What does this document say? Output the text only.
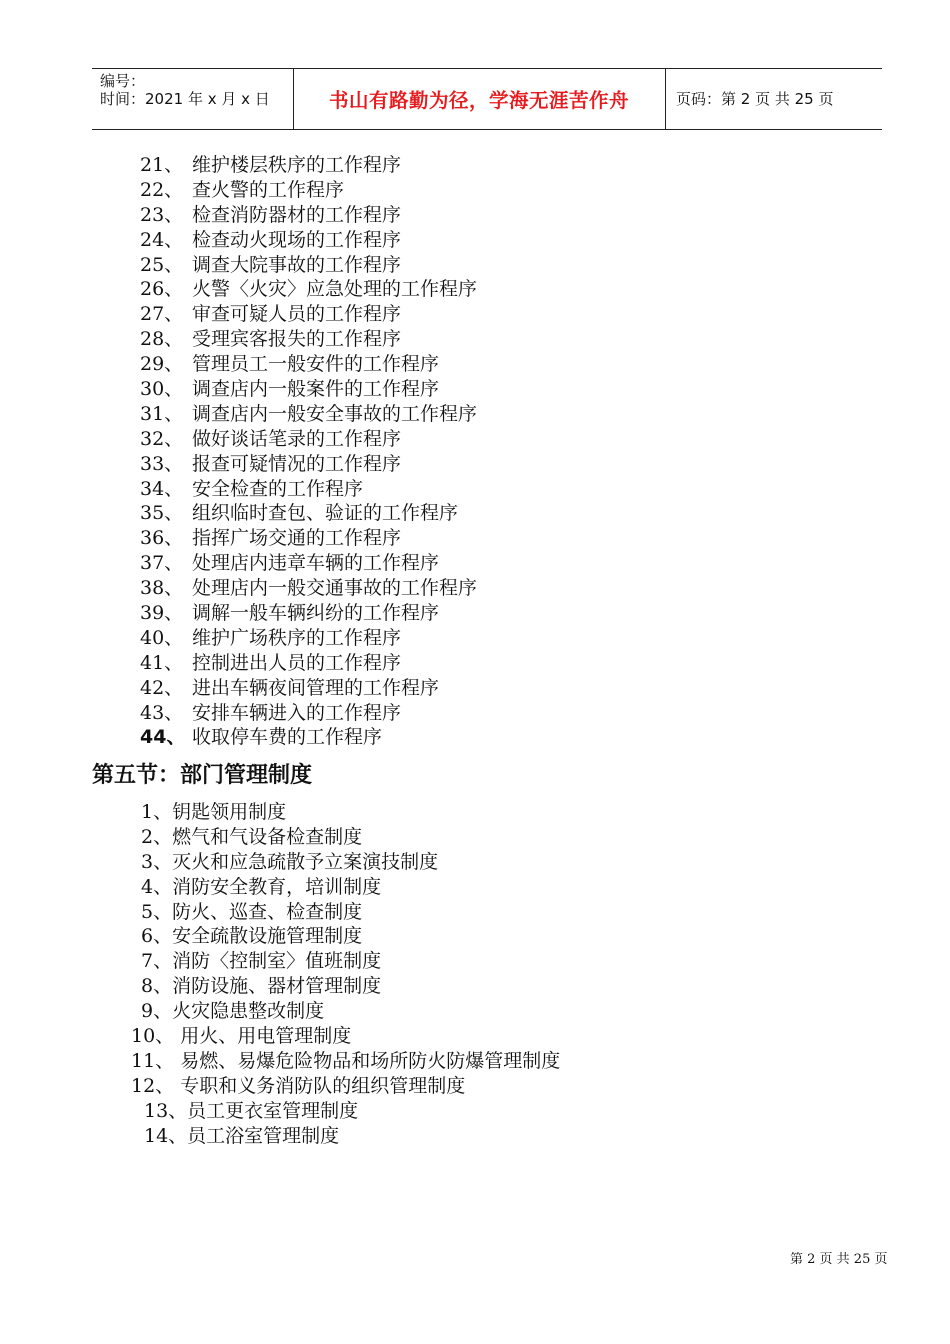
编号：
时间：2021 年 x 月 x 日	书山有路勤为径，学海无涯苦作舟	页码：第 2 页 共 25 页
21、 维护楼层秩序的工作程序
22、 查火警的工作程序
23、 检查消防器材的工作程序
24、 检查动火现场的工作程序
25、 调查大院事故的工作程序
26、 火警〈火灾〉应急处理的工作程序
27、 审查可疑人员的工作程序
28、 受理宾客报失的工作程序
29、 管理员工一般安件的工作程序
30、 调查店内一般案件的工作程序
31、 调查店内一般安全事故的工作程序
32、 做好谈话笔录的工作程序
33、 报查可疑情况的工作程序
34、 安全检查的工作程序
35、 组织临时查包、验证的工作程序
36、 指挥广场交通的工作程序
37、 处理店内违章车辆的工作程序
38、 处理店内一般交通事故的工作程序
39、 调解一般车辆纠纷的工作程序
40、 维护广场秩序的工作程序
41、 控制进出人员的工作程序
42、 进出车辆夜间管理的工作程序
43、 安排车辆进入的工作程序
44、 收取停车费的工作程序
第五节：部门管理制度
1、钥匙领用制度
2、燃气和气设备检查制度
3、灭火和应急疏散予立案演技制度
4、消防安全教育，培训制度
5、防火、巡查、检查制度
6、安全疏散设施管理制度
7、消防〈控制室〉值班制度
8、消防设施、器材管理制度
9、火灾隐患整改制度
10、 用火、用电管理制度
11、 易燃、易爆危险物品和场所防火防爆管理制度
12、 专职和义务消防队的组织管理制度
13、员工更衣室管理制度
14、员工浴室管理制度
第 2 页 共 25 页
